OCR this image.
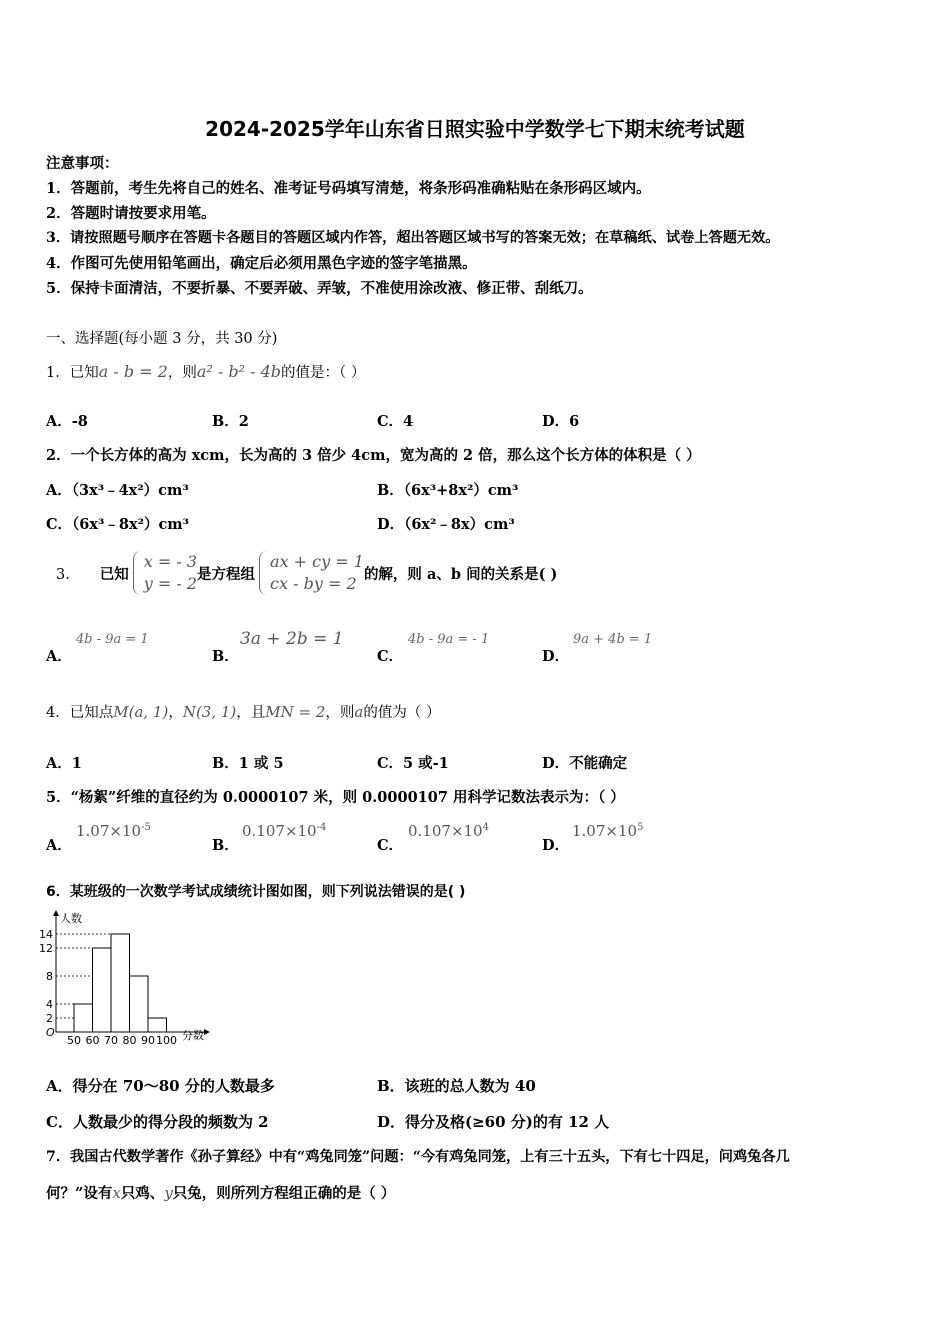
2024-2025学年山东省日照实验中学数学七下期末统考试题
注意事项：
1．答题前，考生先将自己的姓名、准考证号码填写清楚，将条形码准确粘贴在条形码区域内。
2．答题时请按要求用笔。
3．请按照题号顺序在答题卡各题目的答题区域内作答，超出答题区域书写的答案无效；在草稿纸、试卷上答题无效。
4．作图可先使用铅笔画出，确定后必须用黑色字迹的签字笔描黑。
5．保持卡面清洁，不要折暴、不要弄破、弄皱，不准使用涂改液、修正带、刮纸刀。
一、选择题(每小题 3 分，共 30 分)
1．已知a - b = 2，则a² - b² - 4b的值是：（ ）
A．-8	B．2	C．4	D．6
2．一个长方体的高为 xcm，长为高的 3 倍少 4cm，宽为高的 2 倍，那么这个长方体的体积是（ ）
A．（3x³﹣4x²）cm³	B．（6x³+8x²）cm³
C．（6x³﹣8x²）cm³	D．（6x²﹣8x）cm³
3． 已知
x = - 3
y = - 2 是方程组
ax + cy = 1
cx - by = 2 的解，则 a、b 间的关系是( )
A．
4b - 9a = 1
B．
3a + 2b = 1
C．
4b - 9a = - 1
D．
9a + 4b = 1
4．已知点M(a, 1)，N(3, 1)，且MN = 2，则a的值为（ ）
A．1	B．1 或 5	C．5 或-1	D．不能确定
5．“杨絮”纤维的直径约为 0.0000107 米，则 0.0000107 用科学记数法表示为：（ ）
A．
$1.07\times 10^{-5}$
B．
$0.107\times 10^{-4}$
C．
$0.107\times 10^4$
D．
$1.07\times 10^5$
6．某班级的一次数学考试成绩统计图如图，则下列说法错误的是( )
人数
分数
O
50 60 70 80 90 100
2
4
8
12
14
A．得分在 70～80 分的人数最多	B．该班的总人数为 40
C．人数最少的得分段的频数为 2	D．得分及格(≥60 分)的有 12 人
7．我国古代数学著作《孙子算经》中有“鸡兔同笼”问题：“今有鸡兔同笼，上有三十五头，下有七十四足，问鸡兔各几
何？”设有x只鸡、y只兔，则所列方程组正确的是（ ）
